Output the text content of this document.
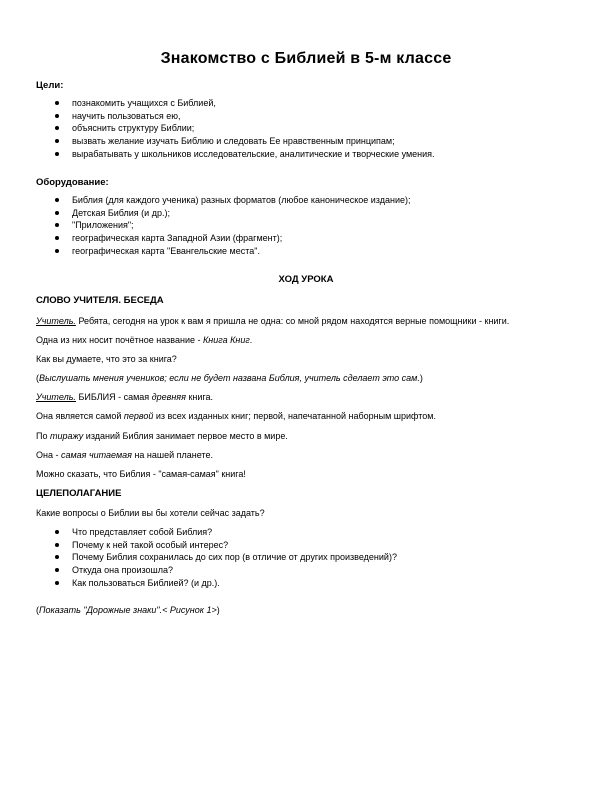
Знакомство с Библией в 5-м классе

Цели:

познакомить учащихся с Библией,
научить пользоваться ею,
объяснить структуру Библии;
вызвать желание изучать Библию и следовать Ее нравственным принципам;
вырабатывать у школьников исследовательские, аналитические и творческие умения.

Оборудование:

Библия (для каждого ученика) разных форматов (любое каноническое издание);
Детская Библия (и др.);
"Приложения";
географическая карта Западной Азии (фрагмент);
географическая карта "Евангельские места".

ХОД УРОКА

СЛОВО УЧИТЕЛЯ. БЕСЕДА

Учитель. Ребята, сегодня на урок к вам я пришла не одна: со мной рядом находятся верные помощники - книги.

Одна из них носит почётное название - Книга Книг.

Как вы думаете, что это за книга?

(Выслушать мнения учеников; если не будет названа Библия, учитель сделает это сам.)

Учитель. БИБЛИЯ - самая древняя книга.

Она является самой первой из всех изданных книг; первой, напечатанной наборным шрифтом.

По тиражу изданий Библия занимает первое место в мире.

Она - самая читаемая на нашей планете.

Можно сказать, что Библия - "самая-самая" книга!

ЦЕЛЕПОЛАГАНИЕ

Какие вопросы о Библии вы бы хотели сейчас задать?

Что представляет собой Библия?
Почему к ней такой особый интерес?
Почему Библия сохранилась до сих пор (в отличие от других произведений)?
Откуда она произошла?
Как пользоваться Библией? (и др.).

(Показать "Дорожные знаки".< Рисунок 1>)
